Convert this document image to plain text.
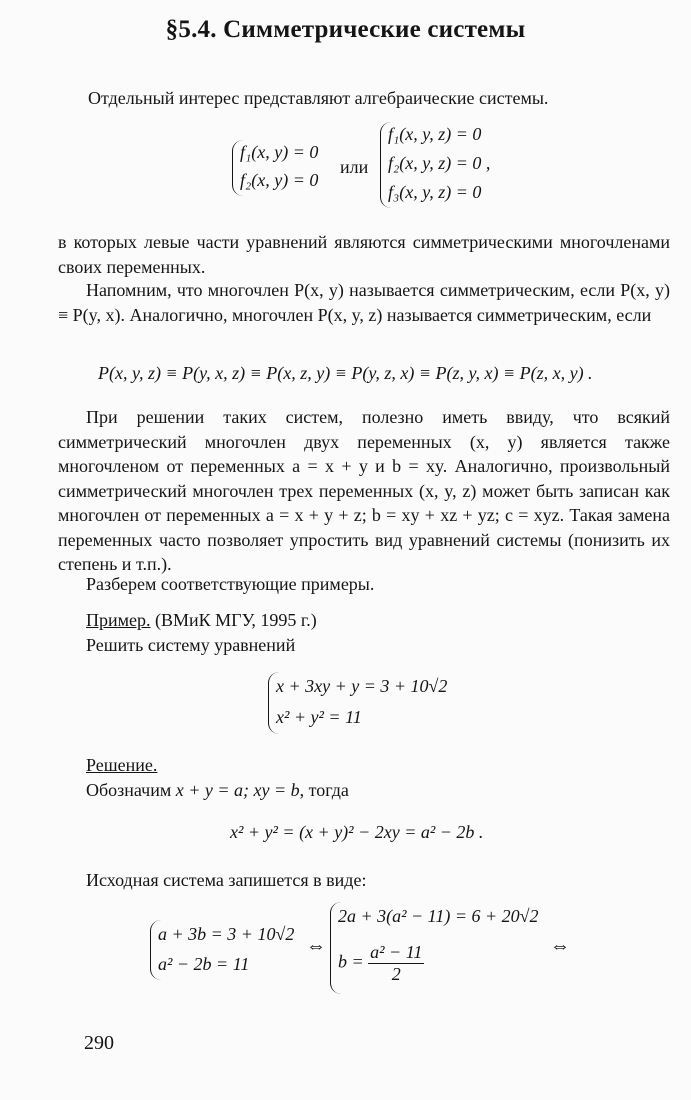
§5.4. Симметрические системы
Отдельный интерес представляют алгебраические системы.
f₁(x, y) = 0
f₂(x, y) = 0
или
f₁(x, y, z) = 0
f₂(x, y, z) = 0 ,
f₃(x, y, z) = 0
в которых левые части уравнений являются симметрическими многочленами своих переменных.
Напомним, что многочлен P(x, y) называется симметрическим, если P(x, y) ≡ P(y, x). Аналогично, многочлен P(x, y, z) называется симметрическим, если
P(x, y, z) ≡ P(y, x, z) ≡ P(x, z, y) ≡ P(y, z, x) ≡ P(z, y, x) ≡ P(z, x, y) .
При решении таких систем, полезно иметь ввиду, что всякий симметрический многочлен двух переменных (x, y) является также многочленом от переменных a = x + y и b = xy. Аналогично, произвольный симметрический многочлен трех переменных (x, y, z) может быть записан как многочлен от переменных a = x + y + z; b = xy + xz + yz; c = xyz. Такая замена переменных часто позволяет упростить вид уравнений системы (понизить их степень и т.п.).
Разберем соответствующие примеры.
Пример. (ВМиК МГУ, 1995 г.)
Решить систему уравнений
x + 3xy + y = 3 + 10√2
x² + y² = 11
Решение.
Обозначим x + y = a; xy = b, тогда
x² + y² = (x + y)² − 2xy = a² − 2b .
Исходная система запишется в виде:
a + 3b = 3 + 10√2
a² − 2b = 11
⇔
2a + 3(a² − 11) = 6 + 20√2
$b = \frac{\text{a² − 11}}{2}$	⇔
290
